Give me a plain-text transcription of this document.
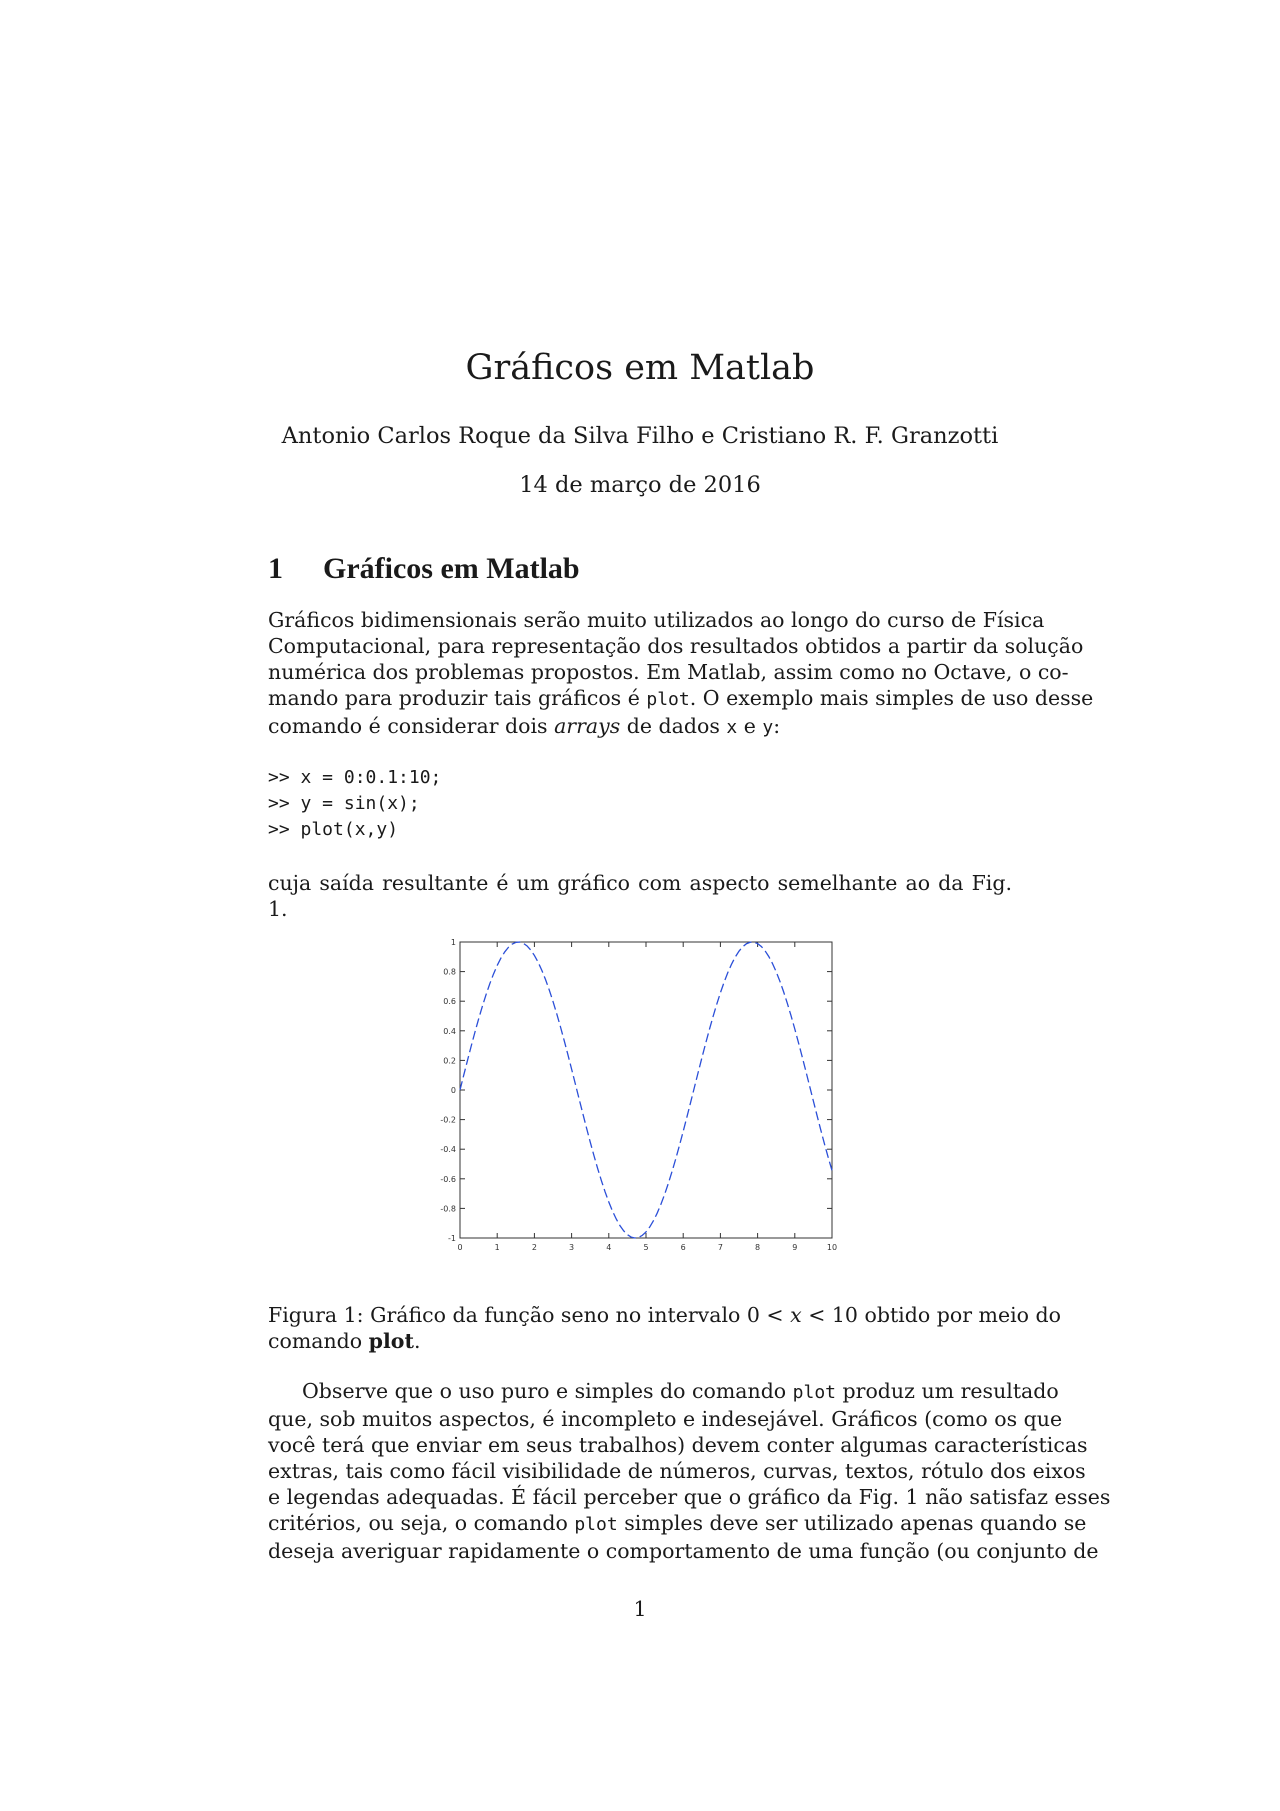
Gráficos em Matlab
Antonio Carlos Roque da Silva Filho e Cristiano R. F. Granzotti
14 de março de 2016
1 Gráficos em Matlab
Gráficos bidimensionais serão muito utilizados ao longo do curso de Física
Computacional, para representação dos resultados obtidos a partir da solução
numérica dos problemas propostos. Em Matlab, assim como no Octave, o co-
mando para produzir tais gráficos é plot. O exemplo mais simples de uso desse
comando é considerar dois arrays de dados x e y:
>> x = 0:0.1:10;
>> y = sin(x);
>> plot(x,y)
cuja saída resultante é um gráfico com aspecto semelhante ao da Fig. 1.
-1
-0.8
-0.6
-0.4
-0.2
0
0.2
0.4
0.6
0.8
1
0	1	2	3	4	5	6	7	8	9	10
Figura 1: Gráfico da função seno no intervalo 0 < x < 10 obtido por meio do
comando plot.
Observe que o uso puro e simples do comando plot produz um resultado
que, sob muitos aspectos, é incompleto e indesejável. Gráficos (como os que
você terá que enviar em seus trabalhos) devem conter algumas características
extras, tais como fácil visibilidade de números, curvas, textos, rótulo dos eixos
e legendas adequadas. É fácil perceber que o gráfico da Fig. 1 não satisfaz esses
critérios, ou seja, o comando plot simples deve ser utilizado apenas quando se
deseja averiguar rapidamente o comportamento de uma função (ou conjunto de
1
